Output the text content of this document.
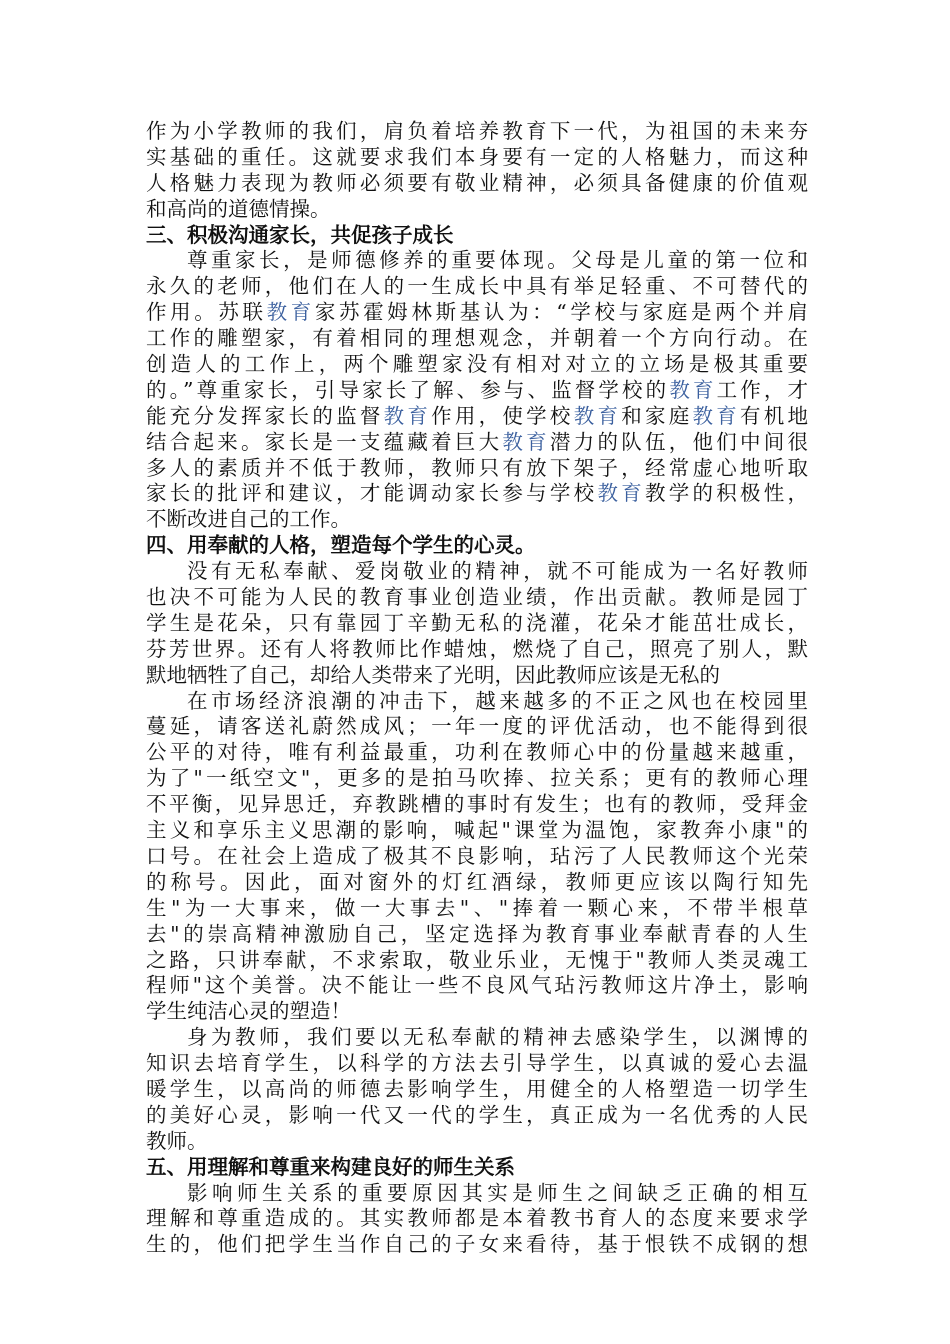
作为小学教师的我们，肩负着培养教育下一代，为祖国的未来夯
实基础的重任。这就要求我们本身要有一定的人格魅力，而这种
人格魅力表现为教师必须要有敬业精神，必须具备健康的价值观
和高尚的道德情操。
三、积极沟通家长，共促孩子成长
尊重家长，是师德修养的重要体现。父母是儿童的第一位和
永久的老师，他们在人的一生成长中具有举足轻重、不可替代的
作用。苏联教育家苏霍姆林斯基认为：“学校与家庭是两个并肩
工作的雕塑家，有着相同的理想观念，并朝着一个方向行动。在
创造人的工作上，两个雕塑家没有相对对立的立场是极其重要
的。”尊重家长，引导家长了解、参与、监督学校的教育工作，才
能充分发挥家长的监督教育作用，使学校教育和家庭教育有机地
结合起来。家长是一支蕴藏着巨大教育潜力的队伍，他们中间很
多人的素质并不低于教师，教师只有放下架子，经常虚心地听取
家长的批评和建议，才能调动家长参与学校教育教学的积极性，
不断改进自己的工作。
四、用奉献的人格，塑造每个学生的心灵。
没有无私奉献、爱岗敬业的精神，就不可能成为一名好教师
也决不可能为人民的教育事业创造业绩，作出贡献。教师是园丁
学生是花朵，只有靠园丁辛勤无私的浇灌，花朵才能茁壮成长，
芬芳世界。还有人将教师比作蜡烛，燃烧了自己，照亮了别人，默
默地牺牲了自己，却给人类带来了光明，因此教师应该是无私的
在市场经济浪潮的冲击下，越来越多的不正之风也在校园里
蔓延，请客送礼蔚然成风；一年一度的评优活动，也不能得到很
公平的对待，唯有利益最重，功利在教师心中的份量越来越重，
为了"一纸空文"，更多的是拍马吹捧、拉关系；更有的教师心理
不平衡，见异思迁，弃教跳槽的事时有发生；也有的教师，受拜金
主义和享乐主义思潮的影响，喊起"课堂为温饱，家教奔小康"的
口号。在社会上造成了极其不良影响，玷污了人民教师这个光荣
的称号。因此，面对窗外的灯红酒绿，教师更应该以陶行知先
生"为一大事来，做一大事去"、"捧着一颗心来，不带半根草
去"的崇高精神激励自己，坚定选择为教育事业奉献青春的人生
之路，只讲奉献，不求索取，敬业乐业，无愧于"教师人类灵魂工
程师"这个美誉。决不能让一些不良风气玷污教师这片净土，影响
学生纯洁心灵的塑造！
身为教师，我们要以无私奉献的精神去感染学生，以渊博的
知识去培育学生，以科学的方法去引导学生，以真诚的爱心去温
暖学生，以高尚的师德去影响学生，用健全的人格塑造一切学生
的美好心灵，影响一代又一代的学生，真正成为一名优秀的人民
教师。
五、用理解和尊重来构建良好的师生关系
影响师生关系的重要原因其实是师生之间缺乏正确的相互
理解和尊重造成的。其实教师都是本着教书育人的态度来要求学
生的，他们把学生当作自己的子女来看待，基于恨铁不成钢的想
